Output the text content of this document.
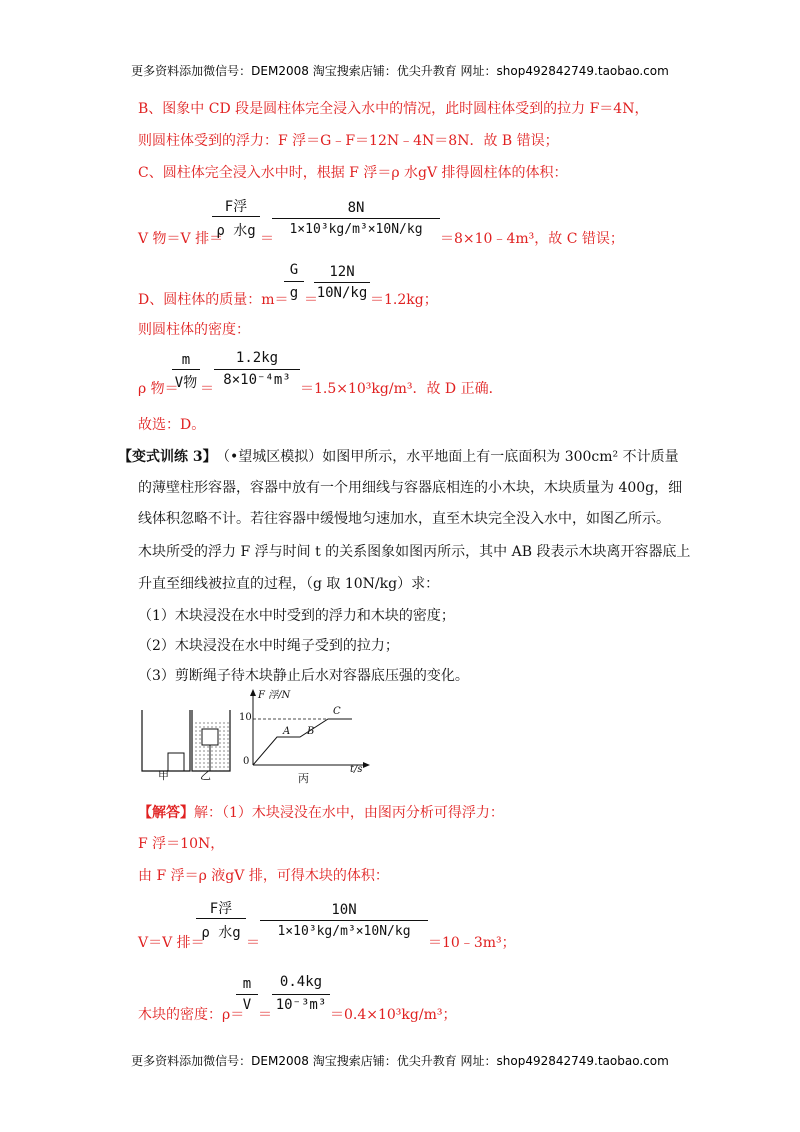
更多资料添加微信号：DEM2008 淘宝搜索店铺：优尖升教育 网址：shop492842749.taobao.com
B、图象中 CD 段是圆柱体完全浸入水中的情况，此时圆柱体受到的拉力 F＝4N，
则圆柱体受到的浮力：F 浮＝G﹣F＝12N﹣4N＝8N．故 B 错误；
C、圆柱体完全浸入水中时，根据 F 浮＝ρ 水gV 排得圆柱体的体积：
V 物＝V 排＝
F浮
ρ 水g ＝
8N
1×10³kg/m³×10N/kg
＝8×10﹣4m³，故 C 错误；
G
g
12N
10N/kg
D、圆柱体的质量：m＝ ＝	＝1.2kg；
则圆柱体的密度：
ρ 物＝
m
V物 ＝
1.2kg
8×10⁻⁴m³
＝1.5×10³kg/m³．故 D 正确．
故选：D。
【变式训练 3】 （•望城区模拟）如图甲所示，水平地面上有一底面积为 300cm² 不计质量
的薄壁柱形容器，容器中放有一个用细线与容器底相连的小木块，木块质量为 400g，细
线体积忽略不计。若往容器中缓慢地匀速加水，直至木块完全没入水中，如图乙所示。
木块所受的浮力 F 浮与时间 t 的关系图象如图丙所示，其中 AB 段表示木块离开容器底上
升直至细线被拉直的过程，（g 取 10N/kg）求：
（1）木块浸没在水中时受到的浮力和木块的密度；
（2）木块浸没在水中时绳子受到的拉力；
（3）剪断绳子待木块静止后水对容器底压强的变化。
甲	乙	丙
F 浮/N
t/s
10
0
A B
C
【解答】 解：（1）木块浸没在水中，由图丙分析可得浮力：
F 浮＝10N，
由 F 浮＝ρ 液gV 排，可得木块的体积：
V＝V 排＝
F浮
ρ 水g
＝
10N
1×10³kg/m³×10N/kg
＝10﹣3m³；
木块的密度：ρ＝
m
V
＝
0.4kg
10⁻³m³
＝0.4×10³kg/m³；
更多资料添加微信号：DEM2008 淘宝搜索店铺：优尖升教育 网址：shop492842749.taobao.com
